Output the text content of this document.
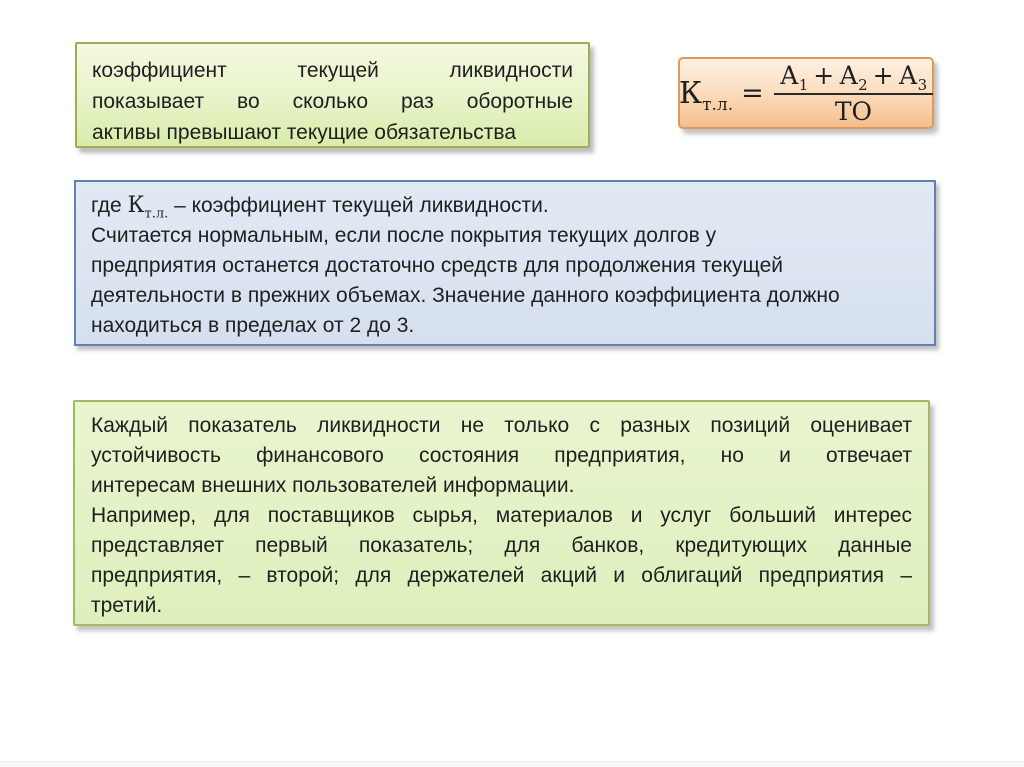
коэффициент текущей ликвидности
показывает во сколько раз оборотные
активы превышают текущие обязательства
$К_{т.л.} = \frac{А_1 + А_2 + А_3}{ТО}$
где $К_{т.л.}$ – коэффициент текущей ликвидности.
Считается нормальным, если после покрытия текущих долгов у
предприятия останется достаточно средств для продолжения текущей
деятельности в прежних объемах. Значение данного коэффициента должно
находиться в пределах от 2 до 3.
Каждый показатель ликвидности не только с разных позиций оценивает
устойчивость финансового состояния предприятия, но и отвечает
интересам внешних пользователей информации.
Например, для поставщиков сырья, материалов и услуг больший интерес
представляет первый показатель; для банков, кредитующих данные
предприятия, – второй; для держателей акций и облигаций предприятия –
третий.
